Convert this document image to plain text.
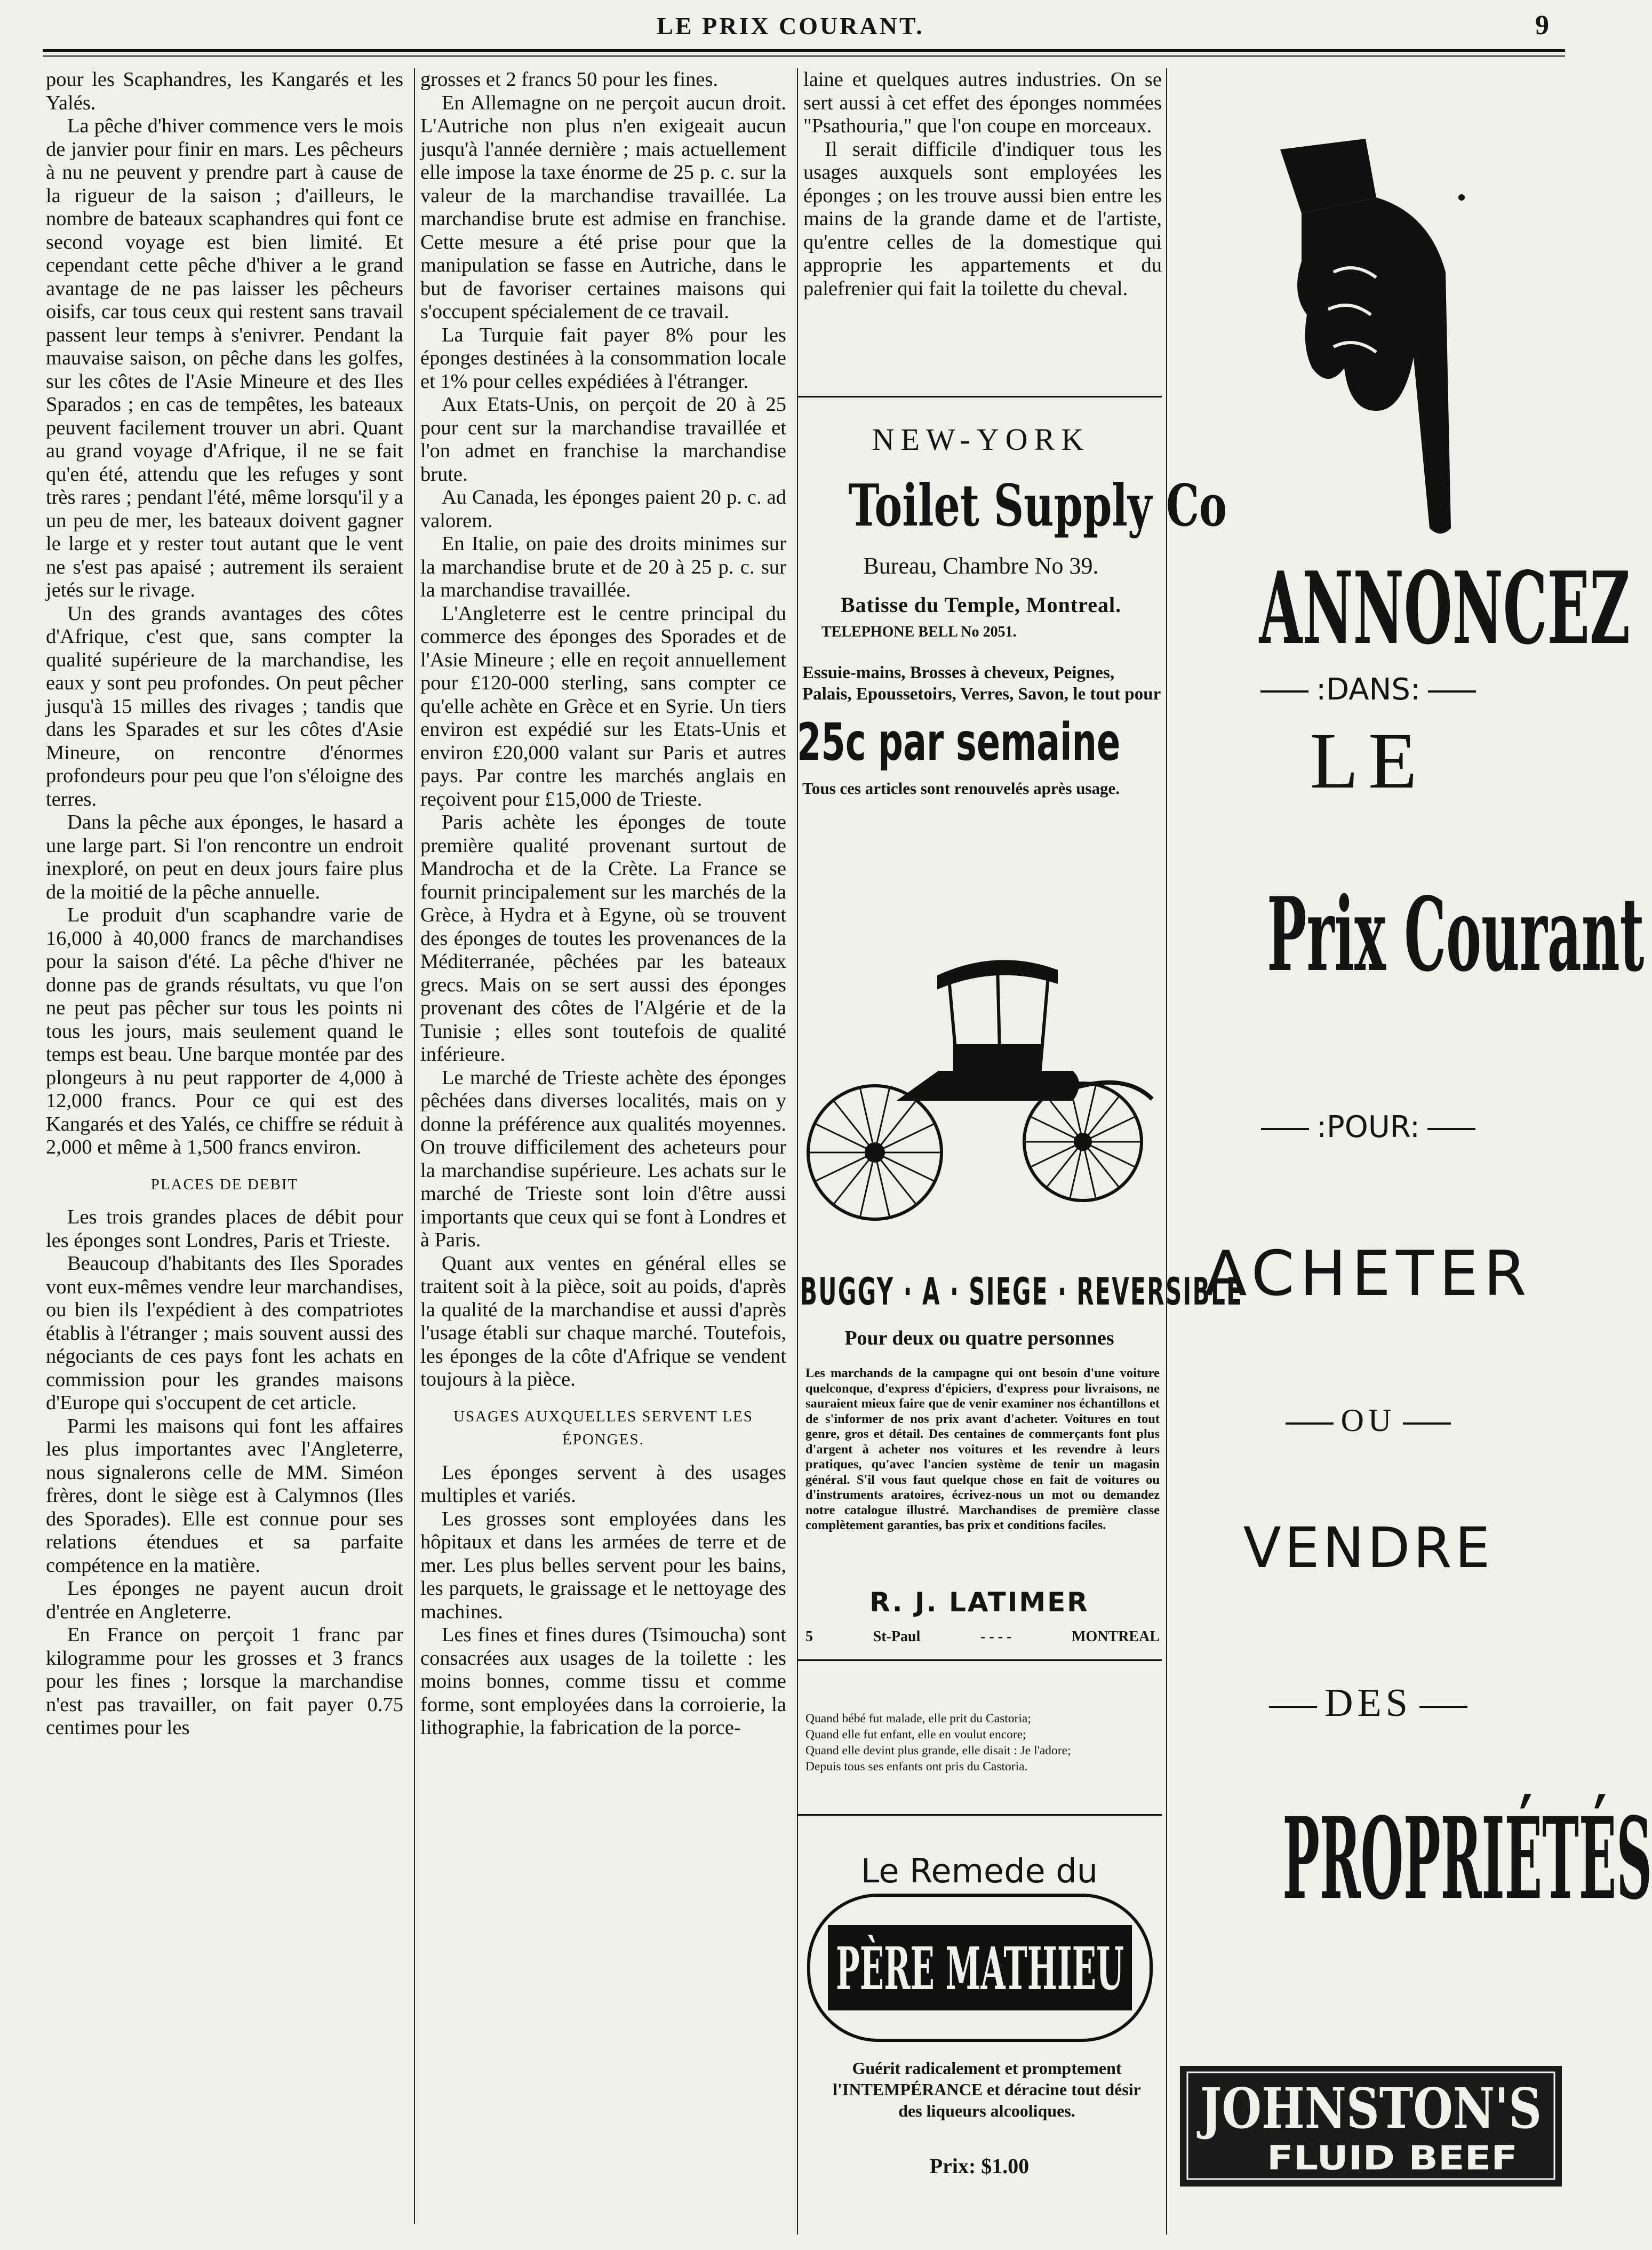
LE PRIX COURANT.	9

pour les Scaphandres, les Kangarés et les Yalés.

La pêche d'hiver commence vers le mois de janvier pour finir en mars. Les pêcheurs à nu ne peuvent y prendre part à cause de la rigueur de la saison ; d'ailleurs, le nombre de bateaux scaphandres qui font ce second voyage est bien limité. Et cependant cette pêche d'hiver a le grand avantage de ne pas laisser les pêcheurs oisifs, car tous ceux qui restent sans travail passent leur temps à s'enivrer. Pendant la mauvaise saison, on pêche dans les golfes, sur les côtes de l'Asie Mineure et des Iles Sparados ; en cas de tempêtes, les bateaux peuvent facilement trouver un abri. Quant au grand voyage d'Afrique, il ne se fait qu'en été, attendu que les refuges y sont très rares ; pendant l'été, même lorsqu'il y a un peu de mer, les bateaux doivent gagner le large et y rester tout autant que le vent ne s'est pas apaisé ; autrement ils seraient jetés sur le rivage.

Un des grands avantages des côtes d'Afrique, c'est que, sans compter la qualité supérieure de la marchandise, les eaux y sont peu profondes. On peut pêcher jusqu'à 15 milles des rivages ; tandis que dans les Sparades et sur les côtes d'Asie Mineure, on rencontre d'énormes profondeurs pour peu que l'on s'éloigne des terres.

Dans la pêche aux éponges, le hasard a une large part. Si l'on rencontre un endroit inexploré, on peut en deux jours faire plus de la moitié de la pêche annuelle.

Le produit d'un scaphandre varie de 16,000 à 40,000 francs de marchandises pour la saison d'été. La pêche d'hiver ne donne pas de grands résultats, vu que l'on ne peut pas pêcher sur tous les points ni tous les jours, mais seulement quand le temps est beau. Une barque montée par des plongeurs à nu peut rapporter de 4,000 à 12,000 francs. Pour ce qui est des Kangarés et des Yalés, ce chiffre se réduit à 2,000 et même à 1,500 francs environ.

PLACES DE DEBIT

Les trois grandes places de débit pour les éponges sont Londres, Paris et Trieste.

Beaucoup d'habitants des Iles Sporades vont eux-mêmes vendre leur marchandises, ou bien ils l'expédient à des compatriotes établis à l'étranger ; mais souvent aussi des négociants de ces pays font les achats en commission pour les grandes maisons d'Europe qui s'occupent de cet article.

Parmi les maisons qui font les affaires les plus importantes avec l'Angleterre, nous signalerons celle de MM. Siméon frères, dont le siège est à Calymnos (Iles des Sporades). Elle est connue pour ses relations étendues et sa parfaite compétence en la matière.

Les éponges ne payent aucun droit d'entrée en Angleterre.

En France on perçoit 1 franc par kilogramme pour les grosses et 3 francs pour les fines ; lorsque la marchandise n'est pas travailler, on fait payer 0.75 centimes pour les

grosses et 2 francs 50 pour les fines.

En Allemagne on ne perçoit aucun droit. L'Autriche non plus n'en exigeait aucun jusqu'à l'année dernière ; mais actuellement elle impose la taxe énorme de 25 p. c. sur la valeur de la marchandise travaillée. La marchandise brute est admise en franchise. Cette mesure a été prise pour que la manipulation se fasse en Autriche, dans le but de favoriser certaines maisons qui s'occupent spécialement de ce travail.

La Turquie fait payer 8% pour les éponges destinées à la consommation locale et 1% pour celles expédiées à l'étranger.

Aux Etats-Unis, on perçoit de 20 à 25 pour cent sur la marchandise travaillée et l'on admet en franchise la marchandise brute.

Au Canada, les éponges paient 20 p. c. ad valorem.

En Italie, on paie des droits minimes sur la marchandise brute et de 20 à 25 p. c. sur la marchandise travaillée.

L'Angleterre est le centre principal du commerce des éponges des Sporades et de l'Asie Mineure ; elle en reçoit annuellement pour £120-000 sterling, sans compter ce qu'elle achète en Grèce et en Syrie. Un tiers environ est expédié sur les Etats-Unis et environ £20,000 valant sur Paris et autres pays. Par contre les marchés anglais en reçoivent pour £15,000 de Trieste.

Paris achète les éponges de toute première qualité provenant surtout de Mandrocha et de la Crète. La France se fournit principalement sur les marchés de la Grèce, à Hydra et à Egyne, où se trouvent des éponges de toutes les provenances de la Méditerranée, pêchées par les bateaux grecs. Mais on se sert aussi des éponges provenant des côtes de l'Algérie et de la Tunisie ; elles sont toutefois de qualité inférieure.

Le marché de Trieste achète des éponges pêchées dans diverses localités, mais on y donne la préférence aux qualités moyennes. On trouve difficilement des acheteurs pour la marchandise supérieure. Les achats sur le marché de Trieste sont loin d'être aussi importants que ceux qui se font à Londres et à Paris.

Quant aux ventes en général elles se traitent soit à la pièce, soit au poids, d'après la qualité de la marchandise et aussi d'après l'usage établi sur chaque marché. Toutefois, les éponges de la côte d'Afrique se vendent toujours à la pièce.

USAGES AUXQUELLES SERVENT LES ÉPONGES.

Les éponges servent à des usages multiples et variés.

Les grosses sont employées dans les hôpitaux et dans les armées de terre et de mer. Les plus belles servent pour les bains, les parquets, le graissage et le nettoyage des machines.

Les fines et fines dures (Tsimoucha) sont consacrées aux usages de la toilette : les moins bonnes, comme tissu et comme forme, sont employées dans la corroierie, la lithographie, la fabrication de la porce-

laine et quelques autres industries. On se sert aussi à cet effet des éponges nommées "Psathouria," que l'on coupe en morceaux.

Il serait difficile d'indiquer tous les usages auxquels sont employées les éponges ; on les trouve aussi bien entre les mains de la grande dame et de l'artiste, qu'entre celles de la domestique qui approprie les appartements et du palefrenier qui fait la toilette du cheval.

NEW-YORK
Toilet Supply Co
Bureau, Chambre No 39.
Batisse du Temple, Montreal.
TELEPHONE BELL No 2051.
Essuie-mains, Brosses à cheveux, Peignes, Palais, Epoussetoirs, Verres, Savon, le tout pour
25c par semaine
Tous ces articles sont renouvelés après usage.
BUGGY · A · SIEGE · REVERSIBLE
Pour deux ou quatre personnes
Les marchands de la campagne qui ont besoin d'une voiture quelconque, d'express d'épiciers, d'express pour livraisons, ne sauraient mieux faire que de venir examiner nos échantillons et de s'informer de nos prix avant d'acheter. Voitures en tout genre, gros et détail. Des centaines de commerçants font plus d'argent à acheter nos voitures et les revendre à leurs pratiques, qu'avec l'ancien système de tenir un magasin général. S'il vous faut quelque chose en fait de voitures ou d'instruments aratoires, écrivez-nous un mot ou demandez notre catalogue illustré. Marchandises de première classe complètement garanties, bas prix et conditions faciles.
R. J. LATIMER
5	St-Paul	- - - -	MONTREAL
Quand bébé fut malade, elle prit du Castoria;
Quand elle fut enfant, elle en voulut encore;
Quand elle devint plus grande, elle disait : Je l'adore;
Depuis tous ses enfants ont pris du Castoria.
Le Remede du
PÈRE MATHIEU
Guérit radicalement et promptement
l'INTEMPÉRANCE et déracine tout désir
des liqueurs alcooliques.
Prix: $1.00
ANNONCEZ
:DANS:
LE
Prix Courant
:POUR:
ACHETER
OU
VENDRE
DES
PROPRIÉTÉS
JOHNSTON'S
FLUID BEEF
